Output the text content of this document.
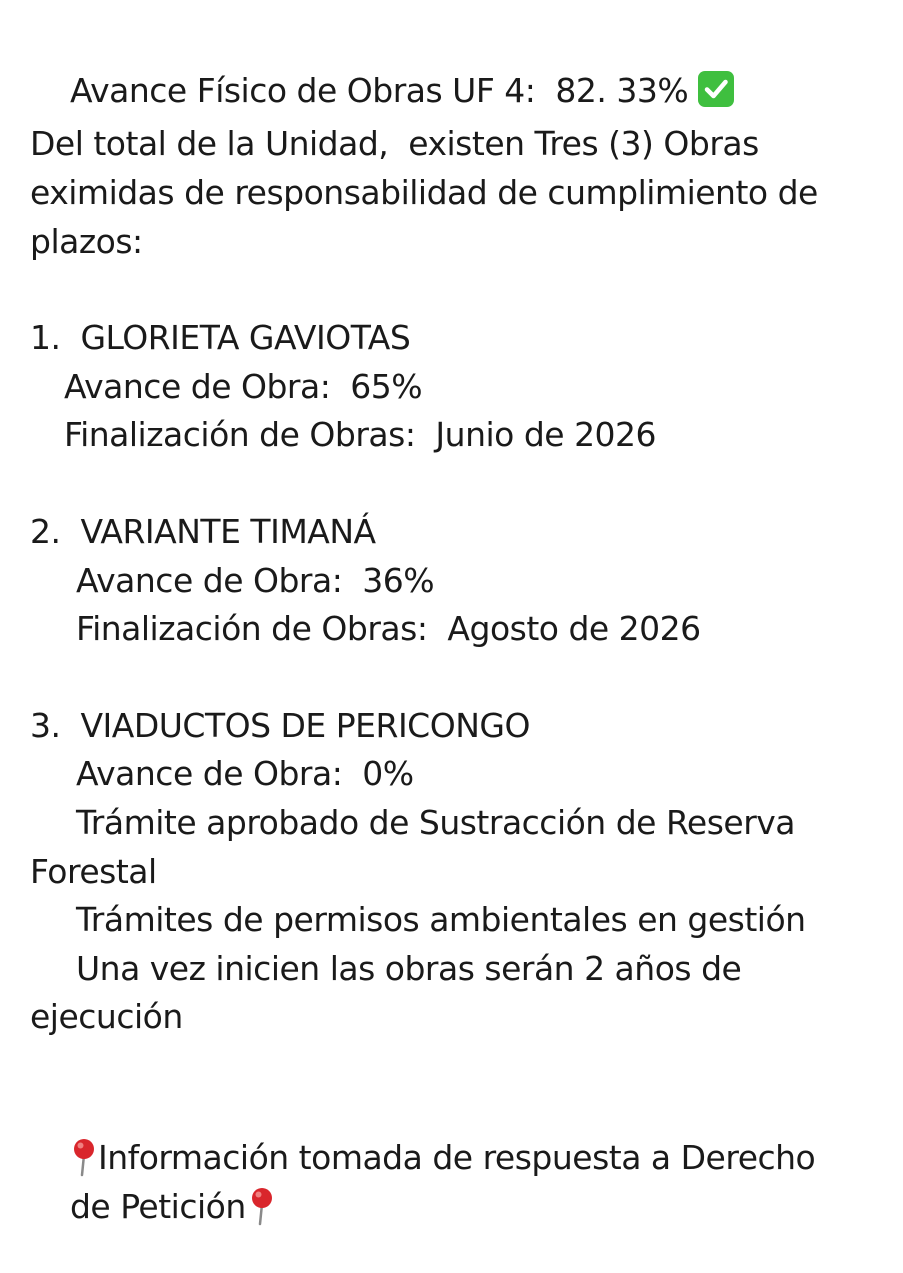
Avance Físico de Obras UF 4:  82. 33%

Del total de la Unidad,  existen Tres (3) Obras
eximidas de responsabilidad de cumplimiento de
plazos:
1.  GLORIETA GAVIOTAS
Avance de Obra:  65%
Finalización de Obras:  Junio de 2026
2.  VARIANTE TIMANÁ
Avance de Obra:  36%
Finalización de Obras:  Agosto de 2026
3.  VIADUCTOS DE PERICONGO
Avance de Obra:  0%
Trámite aprobado de Sustracción de Reserva
Forestal
Trámites de permisos ambientales en gestión
Una vez inicien las obras serán 2 años de
ejecución

Información tomada de respuesta a Derecho

de Petición
